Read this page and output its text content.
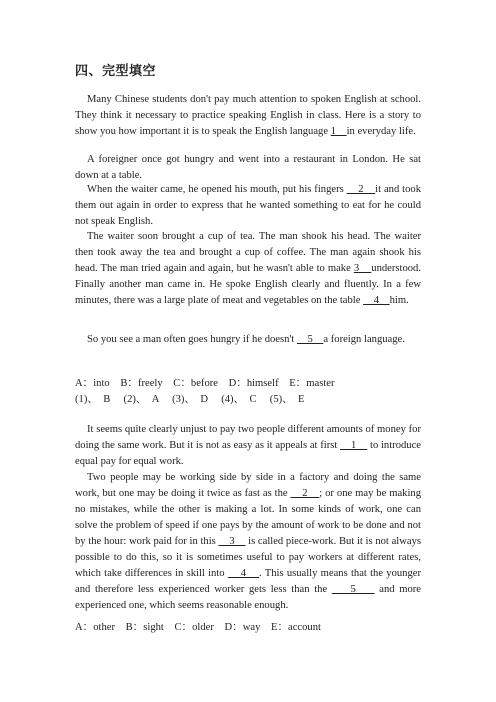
四、完型填空
Many Chinese students don't pay much attention to spoken English at school. They think it necessary to practice speaking English in class. Here is a story to show you how important it is to speak the English language 1    in everyday life.
A foreigner once got hungry and went into a restaurant in London. He sat down at a table.
When the waiter came, he opened his mouth, put his fingers     2    it and took them out again in order to express that he wanted something to eat for he could not speak English.
The waiter soon brought a cup of tea. The man shook his head. The waiter then took away the tea and brought a cup of coffee. The man again shook his head. The man tried again and again, but he wasn't able to make 3    understood. Finally another man came in. He spoke English clearly and fluently. In a few minutes, there was a large plate of meat and vegetables on the table     4    him.
So you see a man often goes hungry if he doesn't     5    a foreign language.
A：into    B：freely    C：before    D：himself    E：master
(1)、  B     (2)、  A     (3)、  D     (4)、  C     (5)、  E
It seems quite clearly unjust to pay two people different amounts of money for doing the same work. But it is not as easy as it appeals at first     1     to introduce equal pay for equal work.
Two people may be working side by side in a factory and doing the same work, but one may be doing it twice as fast as the     2    ; or one may be making no mistakes, while the other is making a lot. In some kinds of work, one can solve the problem of speed if one pays by the amount of work to be done and not by the hour: work paid for in this     3     is called piece-work. But it is not always possible to do this, so it is sometimes useful to pay workers at different rates, which take differences in skill into     4    . This usually means that the younger and therefore less experienced worker gets less than the     5     and more experienced one, which seems reasonable enough.
A：other    B：sight    C：older    D：way    E：account
